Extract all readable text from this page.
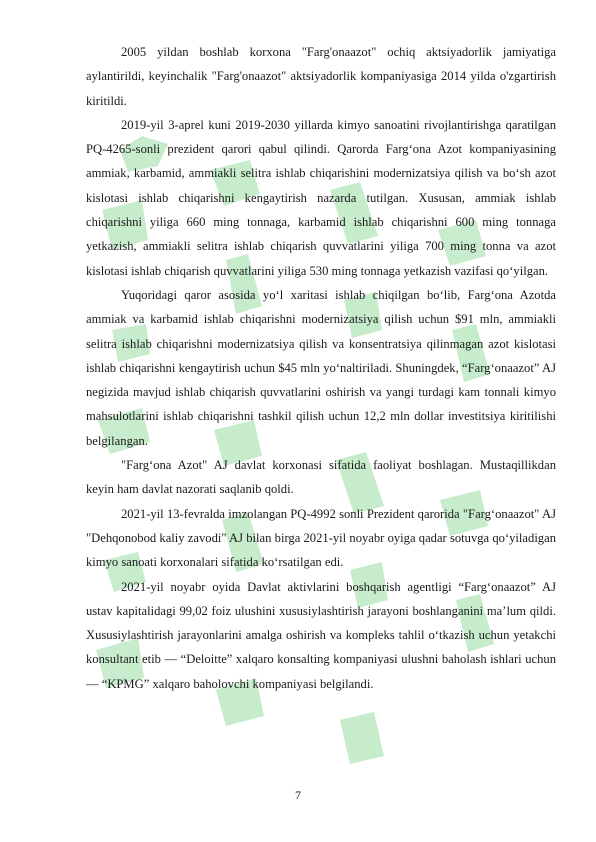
2005 yildan boshlab korxona "Farg'onaazot" ochiq aktsiyadorlik jamiyatiga aylantirildi, keyinchalik "Farg'onaazot" aktsiyadorlik kompaniyasiga 2014 yilda o'zgartirish kiritildi.

2019-yil 3-aprel kuni 2019-2030 yillarda kimyo sanoatini rivojlantirishga qaratilgan PQ-4265-sonli prezident qarori qabul qilindi. Qarorda Farg‘ona Azot kompaniyasining ammiak, karbamid, ammiakli selitra ishlab chiqarishini modernizatsiya qilish va bo‘sh azot kislotasi ishlab chiqarishni kengaytirish nazarda tutilgan. Xususan, ammiak ishlab chiqarishni yiliga 660 ming tonnaga, karbamid ishlab chiqarishni 600 ming tonnaga yetkazish, ammiakli selitra ishlab chiqarish quvvatlarini yiliga 700 ming tonna va azot kislotasi ishlab chiqarish quvvatlarini yiliga 530 ming tonnaga yetkazish vazifasi qo‘yilgan.

Yuqoridagi qaror asosida yo‘l xaritasi ishlab chiqilgan bo‘lib, Farg‘ona Azotda ammiak va karbamid ishlab chiqarishni modernizatsiya qilish uchun $91 mln, ammiakli selitra ishlab chiqarishni modernizatsiya qilish va konsentratsiya qilinmagan azot kislotasi ishlab chiqarishni kengaytirish uchun $45 mln yo‘naltiriladi. Shuningdek, “Farg‘onaazot” AJ negizida mavjud ishlab chiqarish quvvatlarini oshirish va yangi turdagi kam tonnali kimyo mahsulotlarini ishlab chiqarishni tashkil qilish uchun 12,2 mln dollar investitsiya kiritilishi belgilangan.

"Farg‘ona Azot" AJ davlat korxonasi sifatida faoliyat boshlagan. Mustaqillikdan keyin ham davlat nazorati saqlanib qoldi.

2021-yil 13-fevralda imzolangan PQ-4992 sonli Prezident qarorida "Farg‘onaazot" AJ "Dehqonobod kaliy zavodi" AJ bilan birga 2021-yil noyabr oyiga qadar sotuvga qo‘yiladigan kimyo sanoati korxonalari sifatida ko‘rsatilgan edi.

2021-yil noyabr oyida Davlat aktivlarini boshqarish agentligi “Farg‘onaazot” AJ ustav kapitalidagi 99,02 foiz ulushini xususiylashtirish jarayoni boshlanganini ma’lum qildi. Xususiylashtirish jarayonlarini amalga oshirish va kompleks tahlil o‘tkazish uchun yetakchi konsultant etib — “Deloitte” xalqaro konsalting kompaniyasi ulushni baholash ishlari uchun — “KPMG” xalqaro baholovchi kompaniyasi belgilandi.

7
